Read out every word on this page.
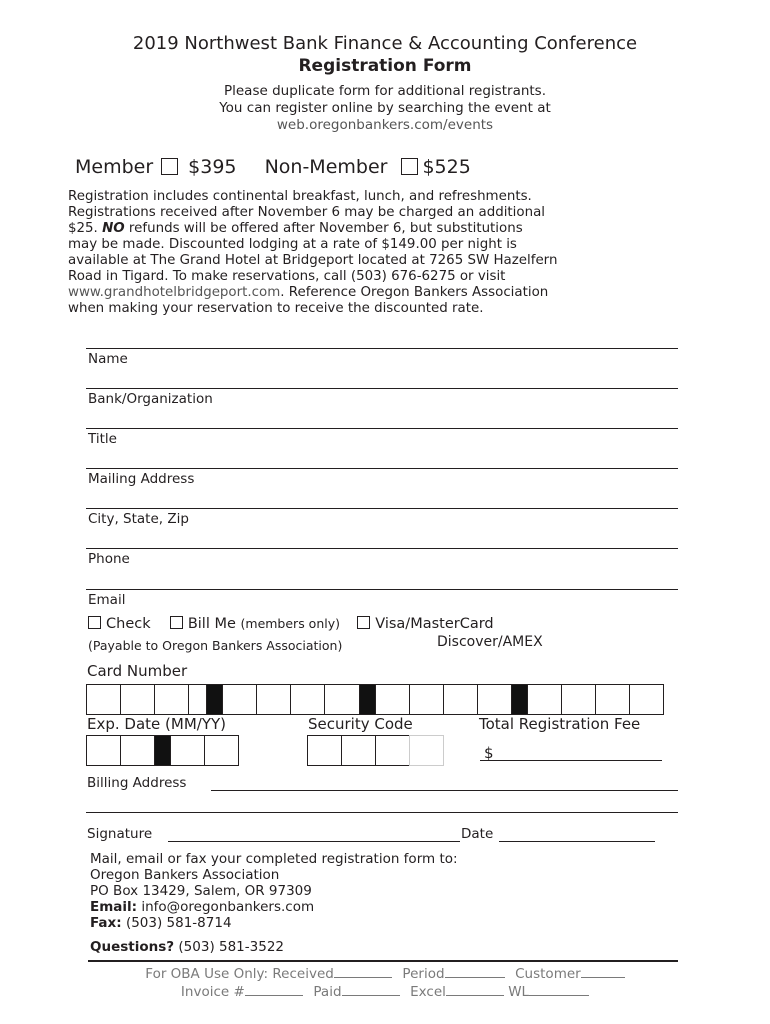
2019 Northwest Bank Finance & Accounting Conference
Registration Form
Please duplicate form for additional registrants.
You can register online by searching the event at
web.oregonbankers.com/events
Member $395 Non-Member $525
Registration includes continental breakfast, lunch, and refreshments.
Registrations received after November 6 may be charged an additional
$25. NO refunds will be offered after November 6, but substitutions
may be made. Discounted lodging at a rate of $149.00 per night is
available at The Grand Hotel at Bridgeport located at 7265 SW Hazelfern
Road in Tigard. To make reservations, call (503) 676-6275 or visit
www.grandhotelbridgeport.com. Reference Oregon Bankers Association
when making your reservation to receive the discounted rate.
Name
Bank/Organization
Title
Mailing Address
City, State, Zip
Phone
Email
Check	Bill Me (members only) Visa/MasterCard
(Payable to Oregon Bankers Association)	Discover/AMEX
Card Number
Exp. Date (MM/YY)	Security Code	Total Registration Fee
$
Billing Address
Signature	Date
Mail, email or fax your completed registration form to:
Oregon Bankers Association
PO Box 13429, Salem, OR 97309
Email: info@oregonbankers.com
Fax: (503) 581-8714
Questions? (503) 581-3522
For OBA Use Only: Received	Period	Customer
Invoice #	Paid	Excel	WL
